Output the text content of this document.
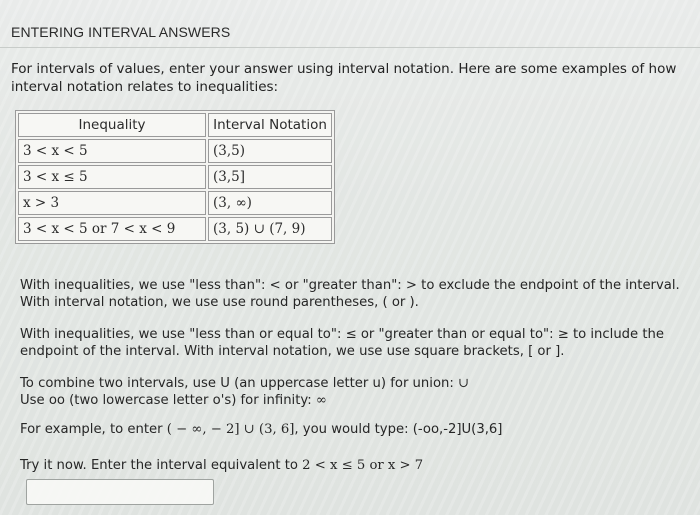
ENTERING INTERVAL ANSWERS
For intervals of values, enter your answer using interval notation. Here are some examples of how interval notation relates to inequalities:
Inequality	Interval Notation
3 < x < 5	(3,5)
3 < x ≤ 5	(3,5]
x > 3	(3, ∞)
3 < x < 5 or 7 < x < 9	(3, 5) ∪ (7, 9)
With inequalities, we use "less than": < or "greater than": > to exclude the endpoint of the interval. With interval notation, we use use round parentheses, ( or ).
With inequalities, we use "less than or equal to": ≤ or "greater than or equal to": ≥ to include the endpoint of the interval. With interval notation, we use use square brackets, [ or ].
To combine two intervals, use U (an uppercase letter u) for union: ∪
Use oo (two lowercase letter o's) for infinity: ∞
For example, to enter ( − ∞, − 2] ∪ (3, 6], you would type: (-oo,-2]U(3,6]
Try it now. Enter the interval equivalent to 2 < x ≤ 5 or x > 7
